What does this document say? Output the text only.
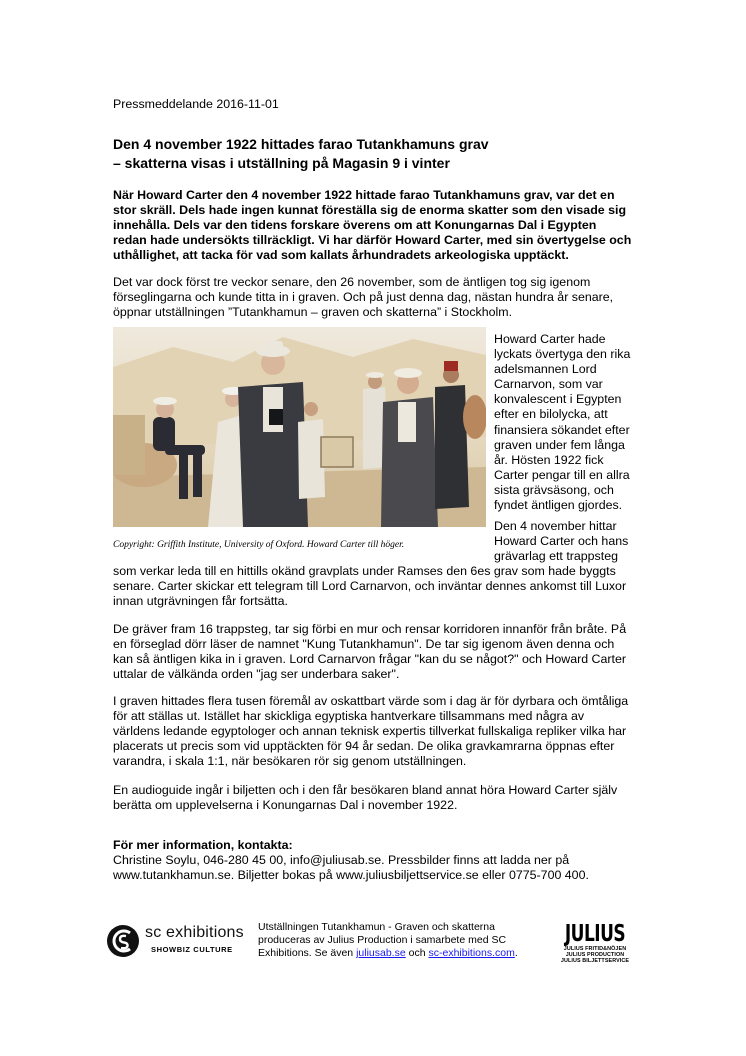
Pressmeddelande 2016-11-01

Den 4 november 1922 hittades farao Tutankhamuns grav
– skatterna visas i utställning på Magasin 9 i vinter

När Howard Carter den 4 november 1922 hittade farao Tutankhamuns grav, var det en stor skräll. Dels hade ingen kunnat föreställa sig de enorma skatter som den visade sig innehålla. Dels var den tidens forskare överens om att Konungarnas Dal i Egypten redan hade undersökts tillräckligt. Vi har därför Howard Carter, med sin övertygelse och uthållighet, att tacka för vad som kallats århundradets arkeologiska upptäckt.

Det var dock först tre veckor senare, den 26 november, som de äntligen tog sig igenom förseglingarna och kunde titta in i graven. Och på just denna dag, nästan hundra år senare, öppnar utställningen ”Tutankhamun – graven och skatterna” i Stockholm.

Copyright: Griffith Institute, University of Oxford. Howard Carter till höger.

Howard Carter hade lyckats övertyga den rika adelsmannen Lord Carnarvon, som var konvalescent i Egypten efter en bilolycka, att finansiera sökandet efter graven under fem långa år. Hösten 1922 fick Carter pengar till en allra sista grävsäsong, och fyndet äntligen gjordes.

Den 4 november hittar Howard Carter och hans grävarlag ett trappsteg

som verkar leda till en hittills okänd gravplats under Ramses den 6es grav som hade byggts senare. Carter skickar ett telegram till Lord Carnarvon, och inväntar dennes ankomst till Luxor innan utgrävningen får fortsätta.

De gräver fram 16 trappsteg, tar sig förbi en mur och rensar korridoren innanför från bråte. På en förseglad dörr läser de namnet "Kung Tutankhamun". De tar sig igenom även denna och kan så äntligen kika in i graven. Lord Carnarvon frågar "kan du se något?" och Howard Carter uttalar de välkända orden "jag ser underbara saker".

I graven hittades flera tusen föremål av oskattbart värde som i dag är för dyrbara och ömtåliga för att ställas ut. Istället har skickliga egyptiska hantverkare tillsammans med några av världens ledande egyptologer och annan teknisk expertis tillverkat fullskaliga repliker vilka har placerats ut precis som vid upptäckten för 94 år sedan. De olika gravkamrarna öppnas efter varandra, i skala 1:1, när besökaren rör sig genom utställningen.

En audioguide ingår i biljetten och i den får besökaren bland annat höra Howard Carter själv berätta om upplevelserna i Konungarnas Dal i november 1922.

För mer information, kontakta:
Christine Soylu, 046-280 45 00, info@juliusab.se. Pressbilder finns att ladda ner på www.tutankhamun.se. Biljetter bokas på www.juliusbiljettservice.se eller 0775-700 400.
sc exhibitions
SHOWBIZ CULTURE

Utställningen Tutankhamun - Graven och skatterna produceras av Julius Production i samarbete med SC Exhibitions. Se även juliusab.se och sc-exhibitions.com.

JULIUS
JULIUS FRITID&NÖJEN
JULIUS PRODUCTION
JULIUS BILJETTSERVICE
